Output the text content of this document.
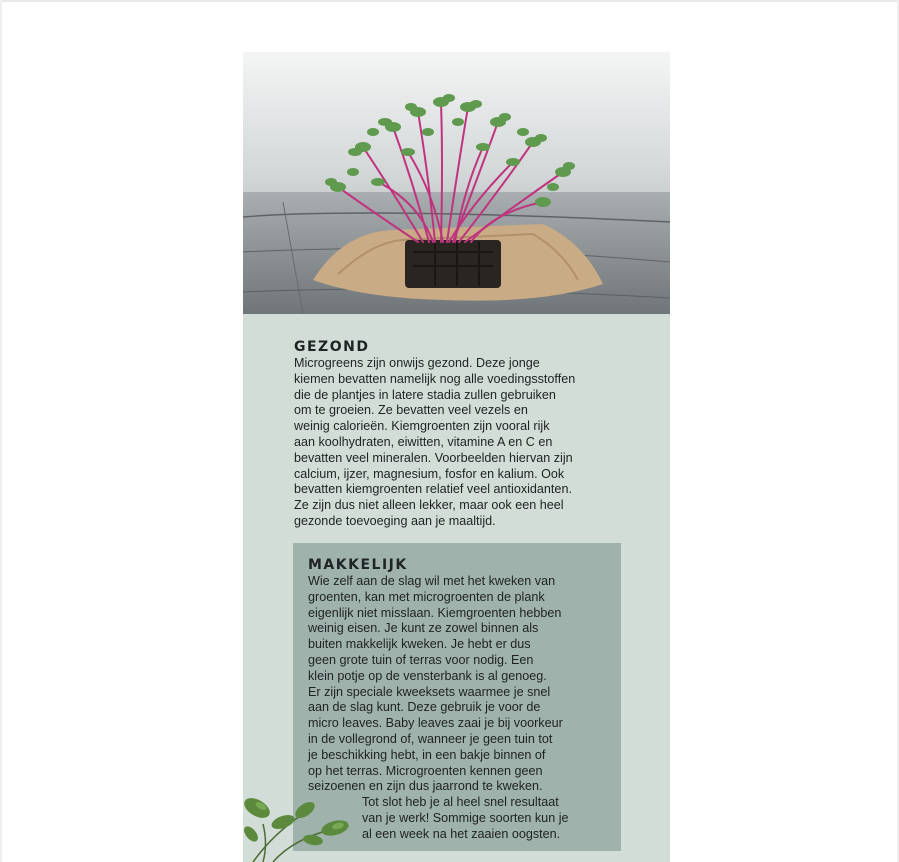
GEZOND

Microgreens zijn onwijs gezond. Deze jonge

kiemen bevatten namelijk nog alle voedingsstoffen

die de plantjes in latere stadia zullen gebruiken

om te groeien. Ze bevatten veel vezels en

weinig calorieën. Kiemgroenten zijn vooral rijk

aan koolhydraten, eiwitten, vitamine A en C en

bevatten veel mineralen. Voorbeelden hiervan zijn

calcium, ijzer, magnesium, fosfor en kalium. Ook

bevatten kiemgroenten relatief veel antioxidanten.

Ze zijn dus niet alleen lekker, maar ook een heel

gezonde toevoeging aan je maaltijd.

MAKKELIJK

Wie zelf aan de slag wil met het kweken van

groenten, kan met microgroenten de plank

eigenlijk niet misslaan. Kiemgroenten hebben

weinig eisen. Je kunt ze zowel binnen als

buiten makkelijk kweken. Je hebt er dus

geen grote tuin of terras voor nodig. Een

klein potje op de vensterbank is al genoeg.

Er zijn speciale kweeksets waarmee je snel

aan de slag kunt. Deze gebruik je voor de

micro leaves. Baby leaves zaai je bij voorkeur

in de vollegrond of, wanneer je geen tuin tot

je beschikking hebt, in een bakje binnen of

op het terras. Microgroenten kennen geen

seizoenen en zijn dus jaarrond te kweken.

Tot slot heb je al heel snel resultaat

van je werk! Sommige soorten kun je

al een week na het zaaien oogsten.
